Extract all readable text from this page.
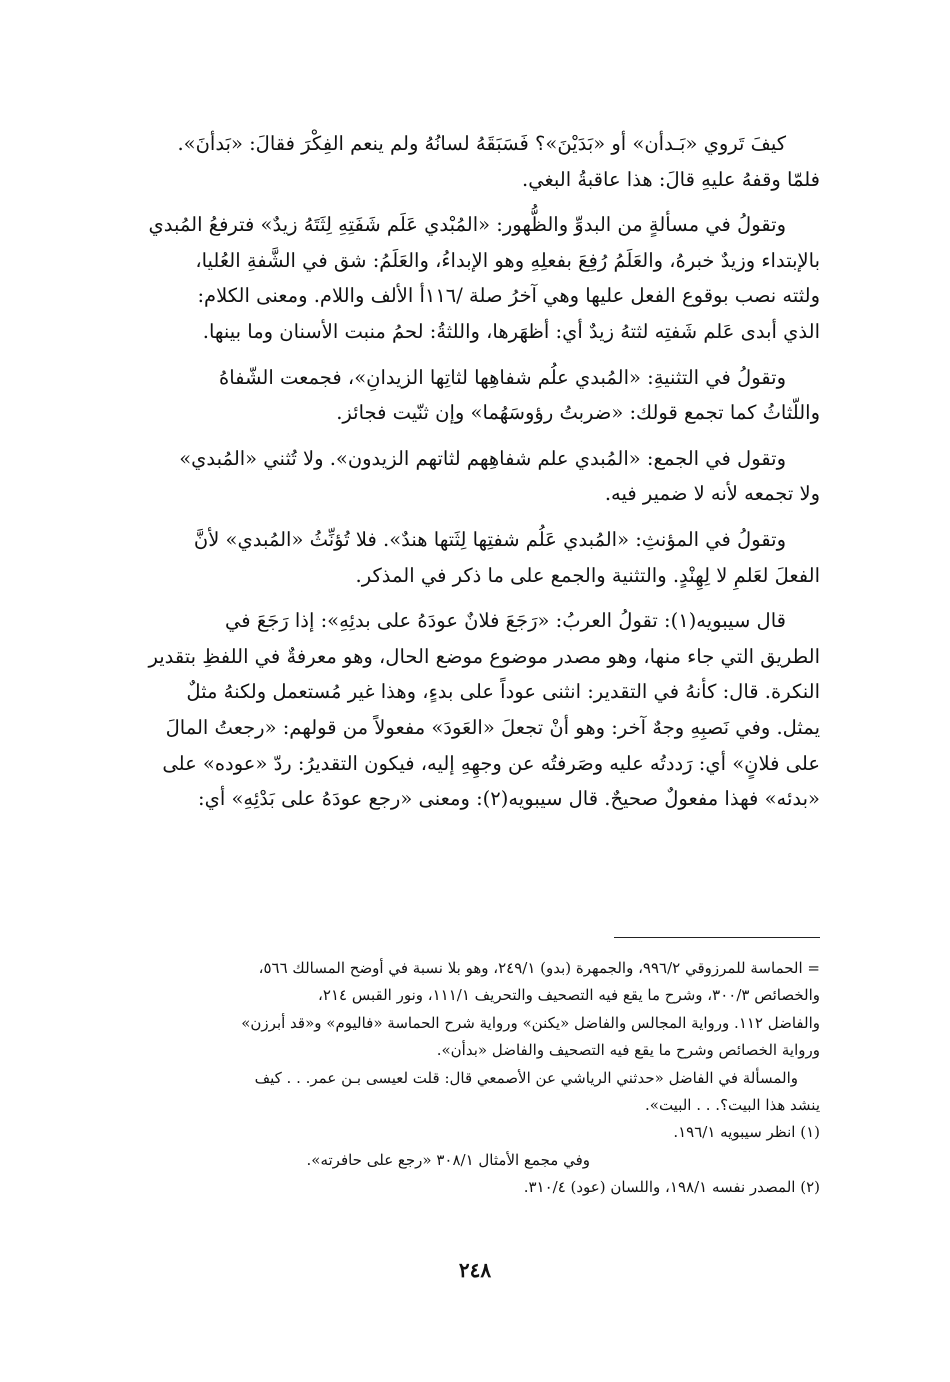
كيفَ تَروي «بَـدأن» أو «بَدَيْنَ»؟ فَسَبَقَهُ لسانُهُ ولم ينعم الفِكْرَ فقالَ: «بَدأنَ».
فلمّا وقفهُ عليهِ قالَ: هذا عاقبةُ البغي.

وتقولُ في مسألةٍ من البدوِّ والظُّهور: «المُبْدي عَلَم شَفَتِهِ لِثَتَهُ زيدٌ» فترفعُ المُبدي
بالإبتداء وزيدٌ خبرهُ، والعَلَمُ رُفِعَ بفعلِهِ وهو الإبداءُ، والعَلَمُ: شق في الشَّفةِ العُليا،
ولثته نصب بوقوع الفعل عليها وهي آخرُ صلة /١١٦أ الألف واللام. ومعنى الكلام:
الذي أبدى عَلم شَفتِه لثتهُ زيدٌ أي: أظهَرها، واللثةُ: لحمُ منبت الأسنان وما بينها.

وتقولُ في التثنيةِ: «المُبدي علُم شفاهِها لثاتِها الزيدانِ»، فجمعت الشّفاهُ
واللّثاثُ كما تجمع قولك: «ضربتُ رؤوسَهُما» وإن ثنّيت فجائز.

وتقول في الجمع: «المُبدي علم شفاهِهم لثاتهم الزيدون». ولا تُثني «المُبدي»
ولا تجمعه لأنه لا ضمير فيه.

وتقولُ في المؤنثِ: «المُبدي عَلُم شفتِها لِثَتها هندٌ». فلا تُؤنِّثُ «المُبدي» لأنَّ
الفعلَ لعَلمِ لا لِهِنْدٍ. والتثنية والجمع على ما ذكر في المذكر.

قال سيبويه(١): تقولُ العربُ: «رَجَعَ فلانٌ عودَهُ على بدئِهِ»: إذا رَجَعَ في
الطريق التي جاء منها، وهو مصدر موضوع موضع الحال، وهو معرفةٌ في اللفظِ بتقدير
النكرة. قال: كأنهُ في التقدير: انثنى عوداً على بدءٍ، وهذا غير مُستعمل ولكنهُ مثلٌ
يمثل. وفي نَصبِهِ وجهٌ آخر: وهو أنْ تجعلَ «العَودَ» مفعولاً من قولهم: «رجعتُ المالَ
على فلانٍ» أي: رَددتُه عليه وصَرفتُه عن وجهِهِ إليه، فيكون التقديرُ: ردّ «عوده» على
«بدئه» فهذا مفعولٌ صحيحٌ. قال سيبويه(٢): ومعنى «رجع عودَهُ على بَدْئِهِ» أي:

= الحماسة للمرزوقي ٩٩٦/٢، والجمهرة (بدو) ٢٤٩/١، وهو بلا نسبة في أوضح المسالك ٥٦٦،
والخصائص ٣٠٠/٣، وشرح ما يقع فيه التصحيف والتحريف ١١١/١، ونور القبس ٢١٤،
والفاضل ١١٢. ورواية المجالس والفاضل «يكنن» ورواية شرح الحماسة «فاليوم» و«قد أبرزن»
ورواية الخصائص وشرح ما يقع فيه التصحيف والفاضل «بدأن».

والمسألة في الفاضل «حدثني الرياشي عن الأصمعي قال: قلت لعيسى بـن عمر. . . كيف
ينشد هذا البيت؟. . . البيت».

(١) انظر سيبويه ١٩٦/١.

وفي مجمع الأمثال ٣٠٨/١ «رجع على حافرته».

(٢) المصدر نفسه ١٩٨/١، واللسان (عود) ٣١٠/٤.

٢٤٨
